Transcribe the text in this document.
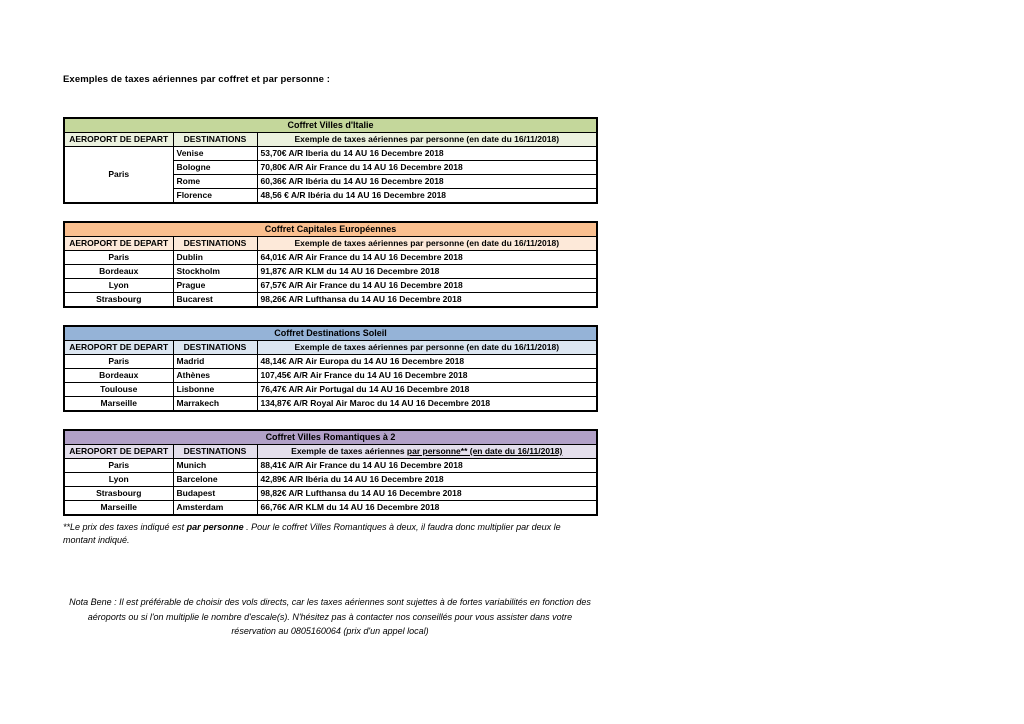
Exemples de taxes aériennes par coffret et par personne :
Coffret Villes d'Italie		
AEROPORT DE DEPART	DESTINATIONS	Exemple de taxes aériennes par personne (en date du 16/11/2018)
Paris	Venise	53,70€ A/R Iberia du 14 AU 16 Decembre 2018
	Bologne	70,80€ A/R Air France du 14 AU 16 Decembre 2018
	Rome	60,36€ A/R Ibéria du 14 AU 16 Decembre 2018
	Florence	48,56 € A/R Ibéria du 14 AU 16 Decembre 2018
Coffret Capitales Européennes		
AEROPORT DE DEPART	DESTINATIONS	Exemple de taxes aériennes par personne (en date du 16/11/2018)
Paris	Dublin	64,01€ A/R Air France du 14 AU 16 Decembre 2018
Bordeaux	Stockholm	91,87€ A/R KLM du 14 AU 16 Decembre 2018
Lyon	Prague	67,57€ A/R Air France du 14 AU 16 Decembre 2018
Strasbourg	Bucarest	98,26€ A/R Lufthansa du 14 AU 16 Decembre 2018
Coffret Destinations Soleil		
AEROPORT DE DEPART	DESTINATIONS	Exemple de taxes aériennes par personne (en date du 16/11/2018)
Paris	Madrid	48,14€ A/R Air Europa du 14 AU 16 Decembre 2018
Bordeaux	Athènes	107,45€ A/R Air France du 14 AU 16 Decembre 2018
Toulouse	Lisbonne	76,47€ A/R Air Portugal du 14 AU 16 Decembre 2018
Marseille	Marrakech	134,87€ A/R Royal Air Maroc du 14 AU 16 Decembre 2018
Coffret Villes Romantiques à 2		
AEROPORT DE DEPART	DESTINATIONS	Exemple de taxes aériennes par personne** (en date du 16/11/2018)
Paris	Munich	88,41€ A/R Air France du 14 AU 16 Decembre 2018
Lyon	Barcelone	42,89€ A/R Ibéria du 14 AU 16 Decembre 2018
Strasbourg	Budapest	98,82€ A/R Lufthansa du 14 AU 16 Decembre 2018
Marseille	Amsterdam	66,76€ A/R KLM du 14 AU 16 Decembre 2018
**Le prix des taxes indiqué est par personne . Pour le coffret Villes Romantiques à deux, il faudra donc multiplier par deux le montant indiqué.
Nota Bene : Il est préférable de choisir des vols directs, car les taxes aériennes sont sujettes à de fortes variabilités en fonction des aéroports ou si l'on multiplie le nombre d'escale(s). N'hésitez pas à contacter nos conseillés pour vous assister dans votre réservation au 0805160064 (prix d'un appel local)
